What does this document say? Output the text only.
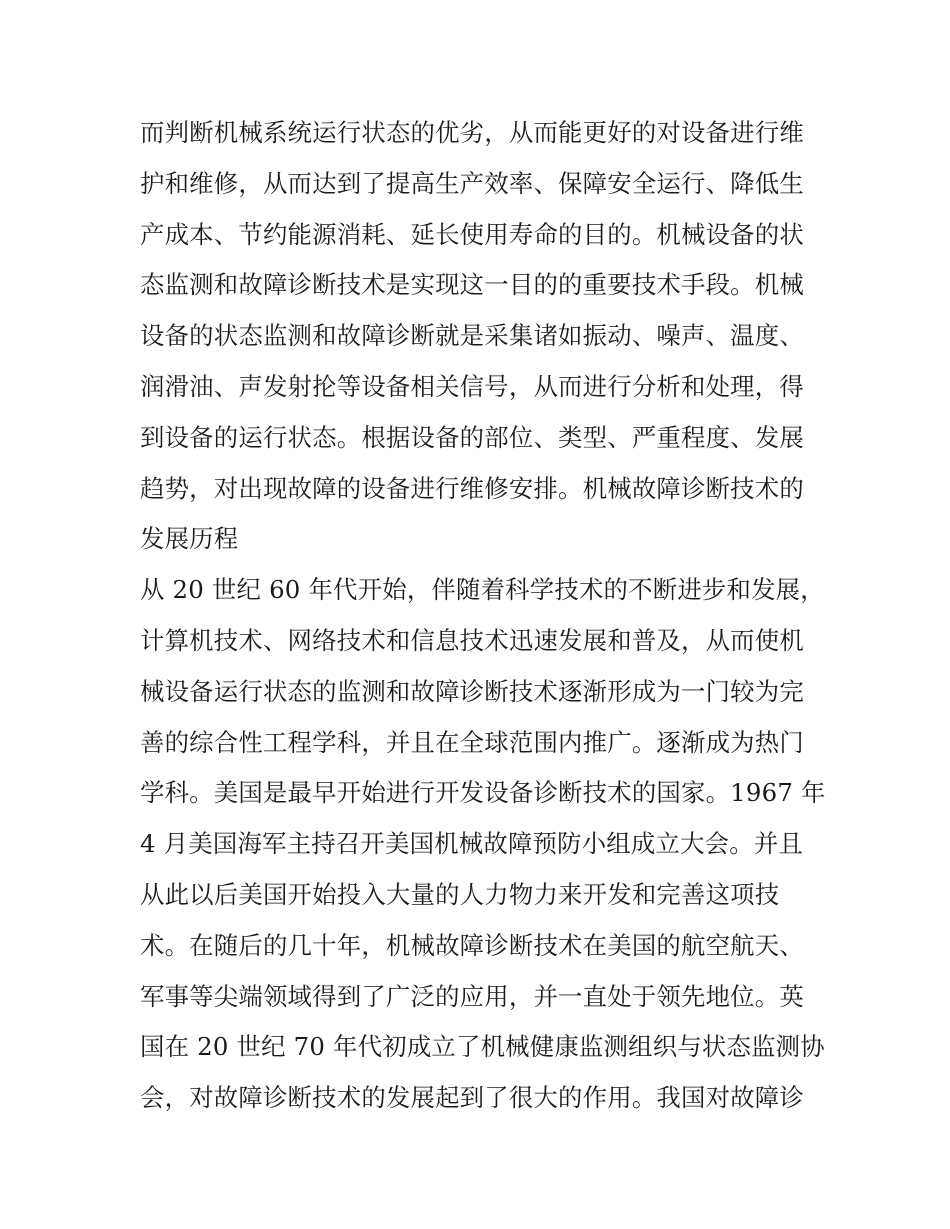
而判断机械系统运行状态的优劣，从而能更好的对设备进行维
护和维修，从而达到了提高生产效率、保障安全运行、降低生
产成本、节约能源消耗、延长使用寿命的目的。机械设备的状
态监测和故障诊断技术是实现这一目的的重要技术手段。机械
设备的状态监测和故障诊断就是采集诸如振动、噪声、温度、
润滑油、声发射抡等设备相关信号，从而进行分析和处理，得
到设备的运行状态。根据设备的部位、类型、严重程度、发展
趋势，对出现故障的设备进行维修安排。机械故障诊断技术的
发展历程
从 20 世纪 60 年代开始，伴随着科学技术的不断进步和发展，
计算机技术、网络技术和信息技术迅速发展和普及，从而使机
械设备运行状态的监测和故障诊断技术逐渐形成为一门较为完
善的综合性工程学科，并且在全球范围内推广。逐渐成为热门
学科。美国是最早开始进行开发设备诊断技术的国家。1967 年
4 月美国海军主持召开美国机械故障预防小组成立大会。并且
从此以后美国开始投入大量的人力物力来开发和完善这项技
术。在随后的几十年，机械故障诊断技术在美国的航空航天、
军事等尖端领域得到了广泛的应用，并一直处于领先地位。英
国在 20 世纪 70 年代初成立了机械健康监测组织与状态监测协
会，对故障诊断技术的发展起到了很大的作用。我国对故障诊
